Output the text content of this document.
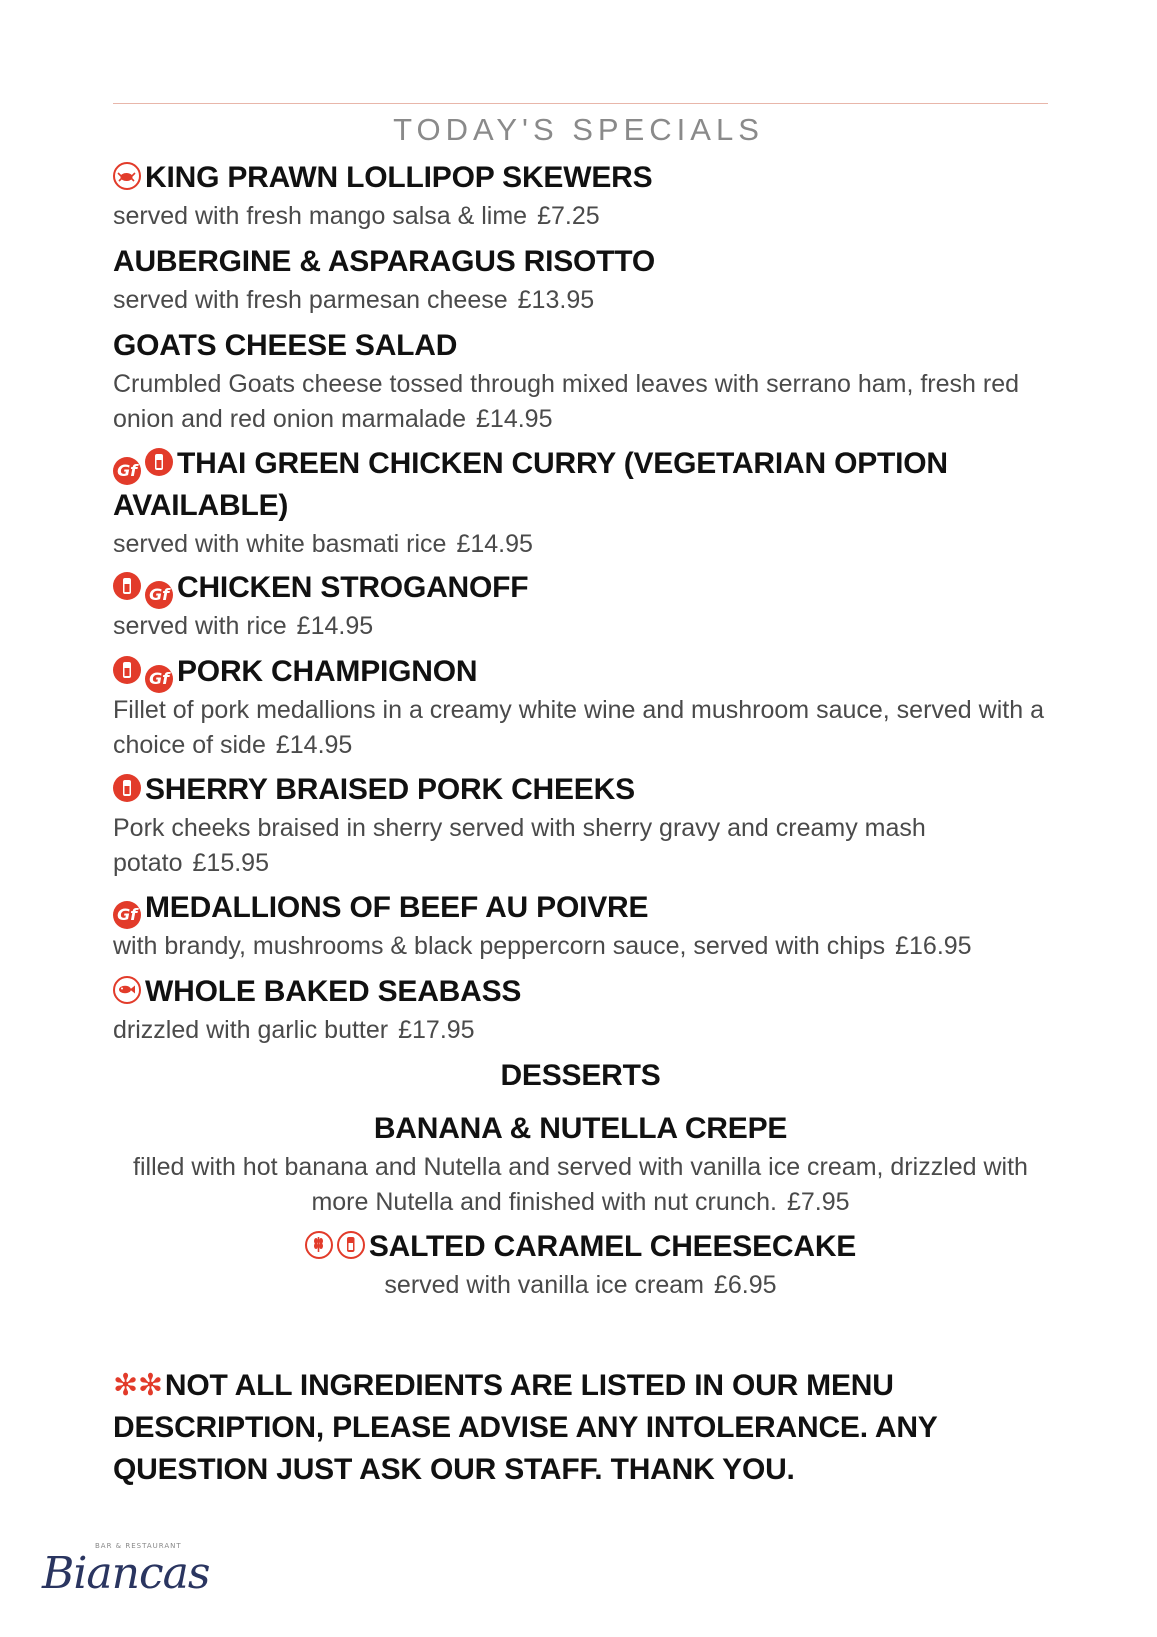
TODAY'S SPECIALS
KING PRAWN LOLLIPOP SKEWERS
served with fresh mango salsa & lime £7.25
AUBERGINE & ASPARAGUS RISOTTO
served with fresh parmesan cheese £13.95
GOATS CHEESE SALAD
Crumbled Goats cheese tossed through mixed leaves with serrano ham, fresh red onion and red onion marmalade £14.95
Gf THAI GREEN CHICKEN CURRY (VEGETARIAN OPTION AVAILABLE)
served with white basmati rice £14.95
Gf CHICKEN STROGANOFF
served with rice £14.95
Gf PORK CHAMPIGNON
Fillet of pork medallions in a creamy white wine and mushroom sauce, served with a choice of side £14.95
SHERRY BRAISED PORK CHEEKS
Pork cheeks braised in sherry served with sherry gravy and creamy mash potato £15.95
Gf MEDALLIONS OF BEEF AU POIVRE
with brandy, mushrooms & black peppercorn sauce, served with chips £16.95
WHOLE BAKED SEABASS
drizzled with garlic butter £17.95
DESSERTS
BANANA & NUTELLA CREPE
filled with hot banana and Nutella and served with vanilla ice cream, drizzled with more Nutella and finished with nut crunch. £7.95
SALTED CARAMEL CHEESECAKE
served with vanilla ice cream £6.95
✻✻NOT ALL INGREDIENTS ARE LISTED IN OUR MENU DESCRIPTION, PLEASE ADVISE ANY INTOLERANCE. ANY QUESTION JUST ASK OUR STAFF. THANK YOU.
BAR & RESTAURANT
Biancas
